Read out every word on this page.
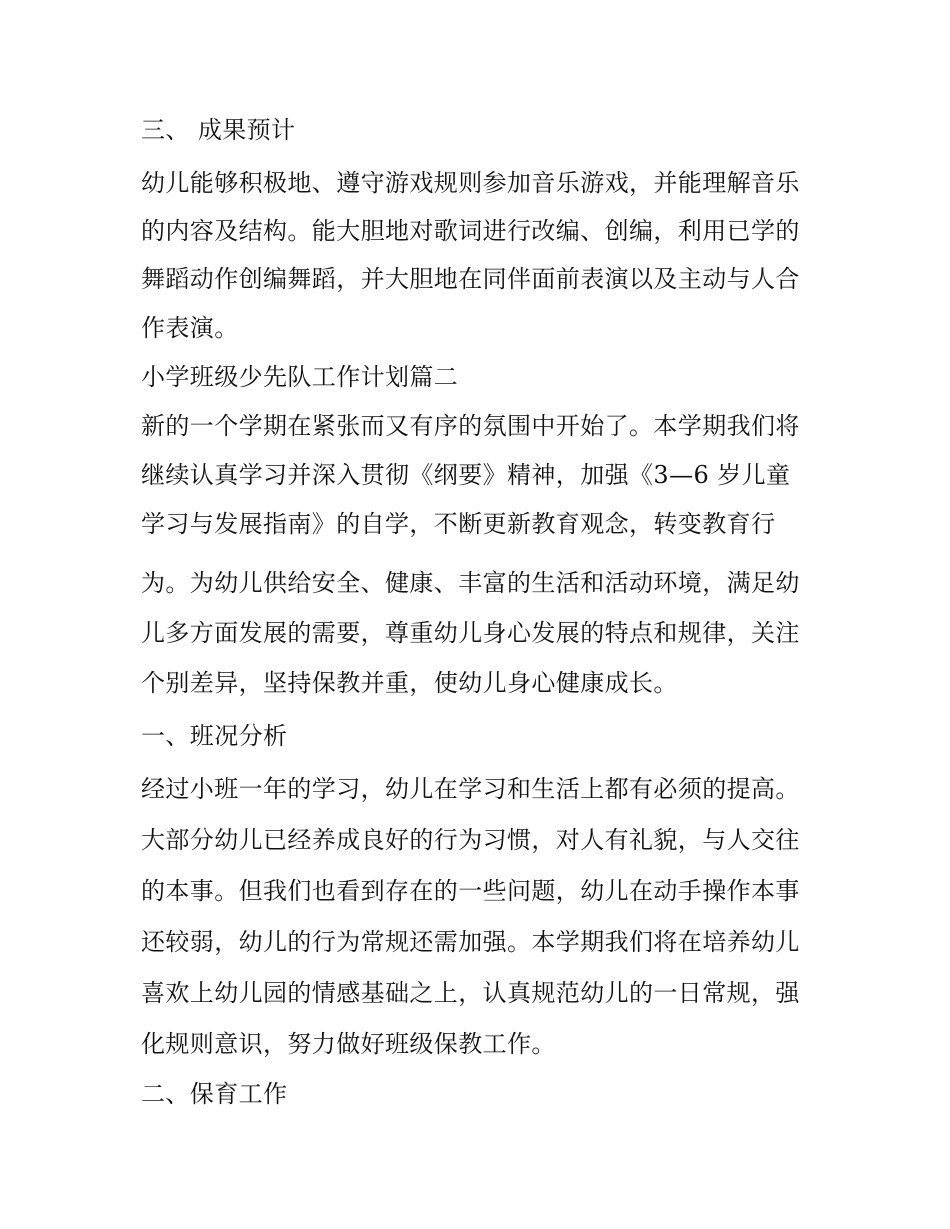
三、 成果预计
幼儿能够积极地、遵守游戏规则参加音乐游戏，并能理解音乐
的内容及结构。能大胆地对歌词进行改编、创编，利用已学的
舞蹈动作创编舞蹈，并大胆地在同伴面前表演以及主动与人合
作表演。
小学班级少先队工作计划篇二
新的一个学期在紧张而又有序的氛围中开始了。本学期我们将
继续认真学习并深入贯彻《纲要》精神，加强《3—6 岁儿童
学习与发展指南》的自学，不断更新教育观念，转变教育行
为。为幼儿供给安全、健康、丰富的生活和活动环境，满足幼
儿多方面发展的需要，尊重幼儿身心发展的特点和规律，关注
个别差异，坚持保教并重，使幼儿身心健康成长。
一、班况分析
经过小班一年的学习，幼儿在学习和生活上都有必须的提高。
大部分幼儿已经养成良好的行为习惯，对人有礼貌，与人交往
的本事。但我们也看到存在的一些问题，幼儿在动手操作本事
还较弱，幼儿的行为常规还需加强。本学期我们将在培养幼儿
喜欢上幼儿园的情感基础之上，认真规范幼儿的一日常规，强
化规则意识，努力做好班级保教工作。
二、保育工作
